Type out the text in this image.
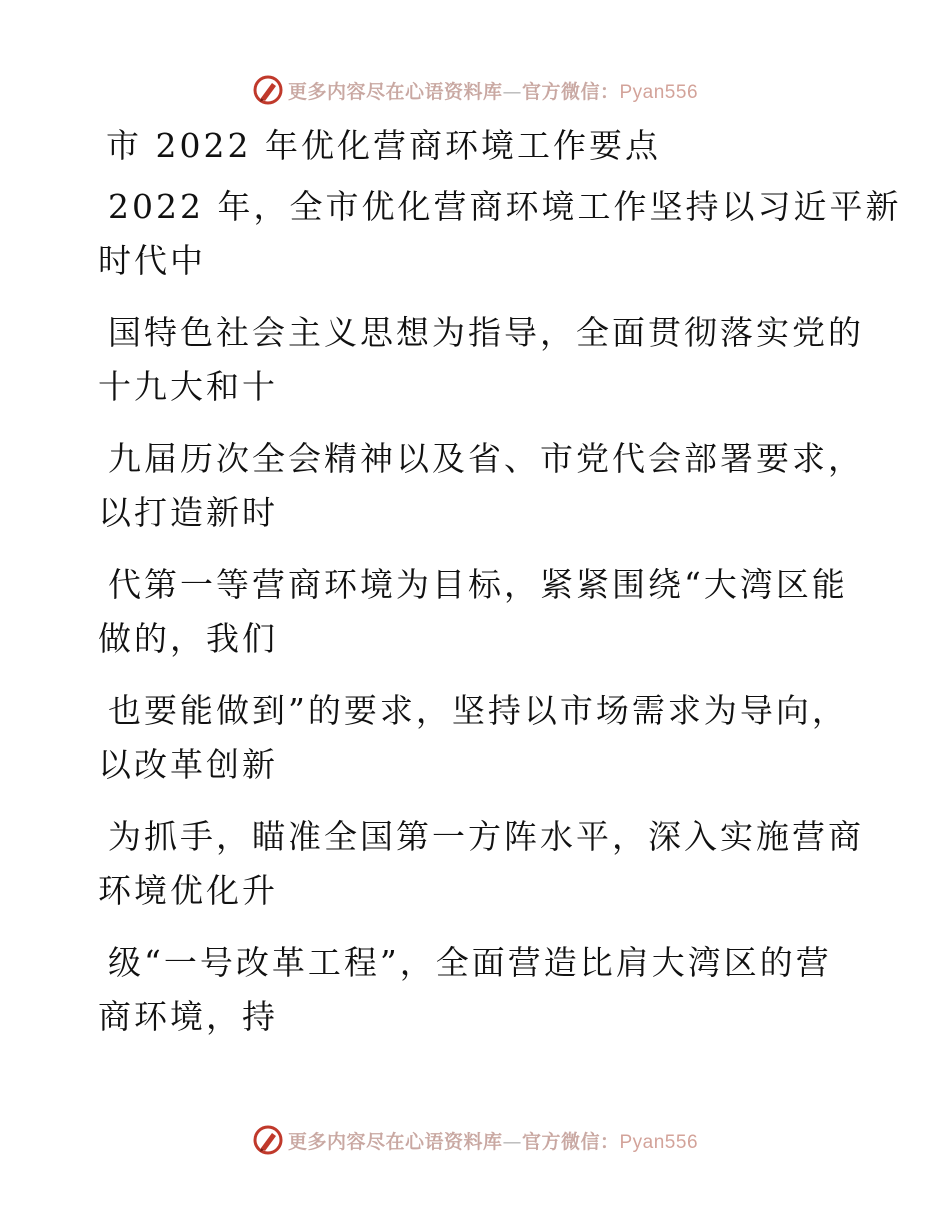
更多内容尽在心语资料库—官方微信：Pyan556
市 2022 年优化营商环境工作要点
2022 年，全市优化营商环境工作坚持以习近平新
时代中
国特色社会主义思想为指导，全面贯彻落实党的
十九大和十
九届历次全会精神以及省、市党代会部署要求，
以打造新时
代第一等营商环境为目标，紧紧围绕“大湾区能
做的，我们
也要能做到”的要求，坚持以市场需求为导向，
以改革创新
为抓手，瞄准全国第一方阵水平，深入实施营商
环境优化升
级“一号改革工程”，全面营造比肩大湾区的营
商环境，持
更多内容尽在心语资料库—官方微信：Pyan556
